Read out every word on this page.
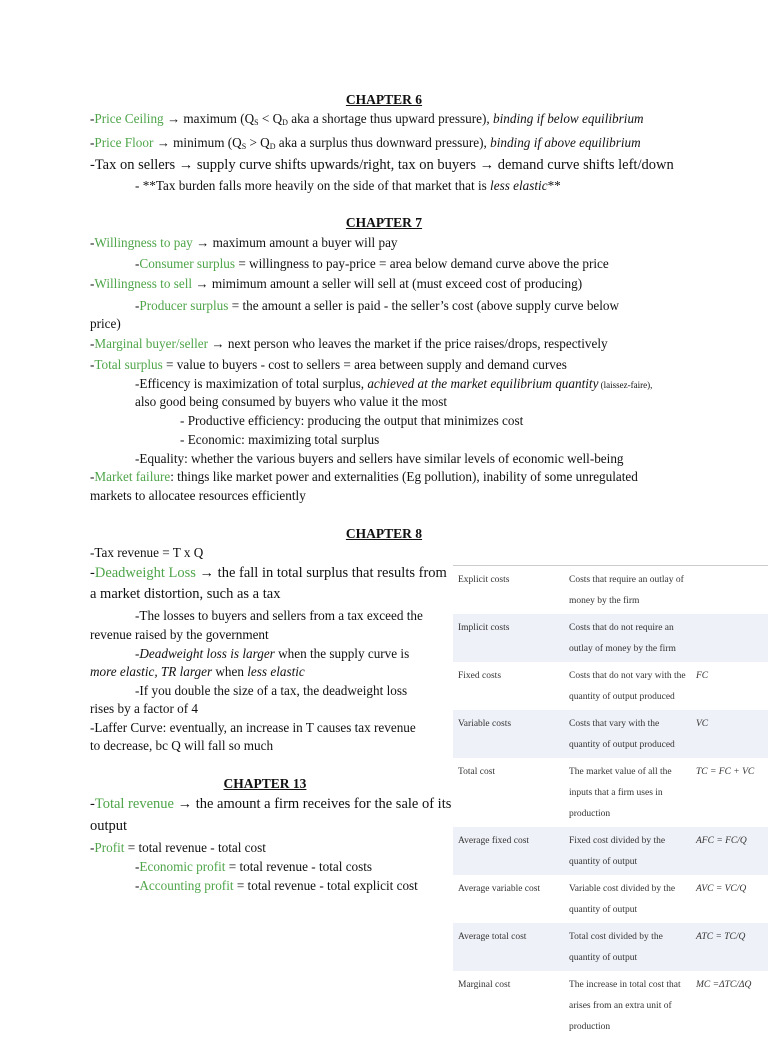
CHAPTER 6
-Price Ceiling → maximum ($Q_S < Q_D$ aka a shortage thus upward pressure), binding if below equilibrium
-Price Floor → minimum ($Q_S > Q_D$ aka a surplus thus downward pressure), binding if above equilibrium
-Tax on sellers → supply curve shifts upwards/right, tax on buyers → demand curve shifts left/down
- **Tax burden falls more heavily on the side of that market that is less elastic**
CHAPTER 7
-Willingness to pay → maximum amount a buyer will pay
-Consumer surplus = willingness to pay-price = area below demand curve above the price
-Willingness to sell → mimimum amount a seller will sell at (must exceed cost of producing)
-Producer surplus = the amount a seller is paid - the seller’s cost (above supply curve below
price)
-Marginal buyer/seller → next person who leaves the market if the price raises/drops, respectively
-Total surplus = value to buyers - cost to sellers = area between supply and demand curves
-Efficency is maximization of total surplus, achieved at the market equilibrium quantity (laissez-faire),
also good being consumed by buyers who value it the most
- Productive efficiency: producing the output that minimizes cost
- Economic: maximizing total surplus
-Equality: whether the various buyers and sellers have similar levels of economic well-being
-Market failure: things like market power and externalities (Eg pollution), inability of some unregulated
markets to allocatee resources efficiently
CHAPTER 8
-Tax revenue = T x Q
-Deadweight Loss → the fall in total surplus that results from
a market distortion, such as a tax
-The losses to buyers and sellers from a tax exceed the
revenue raised by the government
-Deadweight loss is larger when the supply curve is
more elastic, TR larger when less elastic
-If you double the size of a tax, the deadweight loss
rises by a factor of 4
-Laffer Curve: eventually, an increase in T causes tax revenue
to decrease, bc Q will fall so much
CHAPTER 13
-Total revenue → the amount a firm receives for the sale of its
output
-Profit = total revenue - total cost
-Economic profit = total revenue - total costs
-Accounting profit = total revenue - total explicit cost
Explicit costs	Costs that require an outlay of money by the firm	
Implicit costs	Costs that do not require an outlay of money by the firm	
Fixed costs	Costs that do not vary with the quantity of output produced	FC
Variable costs	Costs that vary with the quantity of output produced	VC
Total cost	The market value of all the inputs that a firm uses in production	TC = FC + VC
Average fixed cost	Fixed cost divided by the quantity of output	AFC = FC/Q
Average variable cost	Variable cost divided by the quantity of output	AVC = VC/Q
Average total cost	Total cost divided by the quantity of output	ATC = TC/Q
Marginal cost	The increase in total cost that arises from an extra unit of production	MC =ΔTC/ΔQ
